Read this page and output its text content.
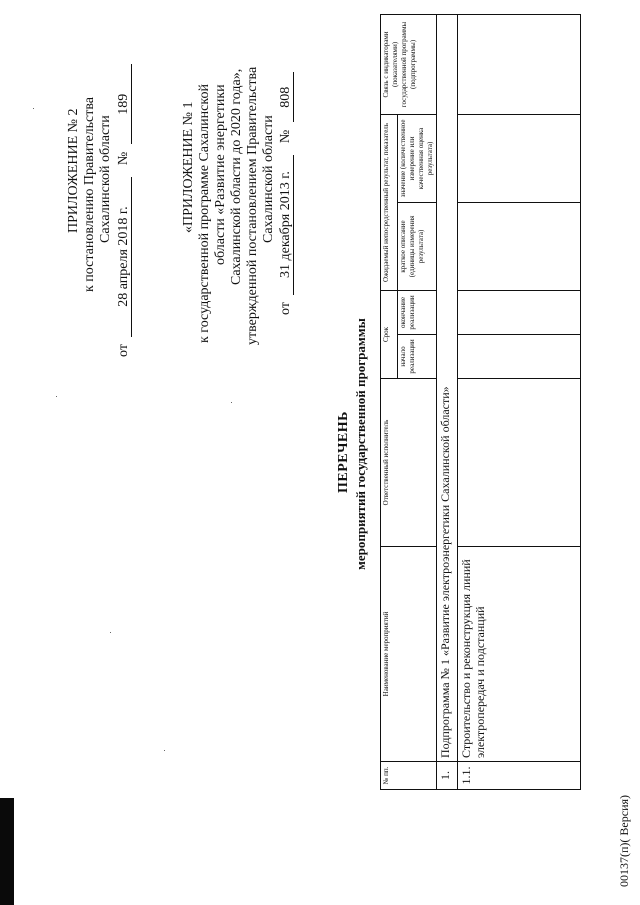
ПРИЛОЖЕНИЕ № 2 к постановлению Правительства Сахалинской области
от 28 апреля 2018 г. № 189	«ПРИЛОЖЕНИЕ № 1 к государственной программе Сахалинской области «Развитие энергетики Сахалинской области до 2020 года», утвержденной постановлением Правительства Сахалинской области
от 31 декабря 2013 г. № 808
ПЕРЕЧЕНЬ мероприятий государственной программы
№ пп.	Наименование мероприятий	Ответственный исполнитель	Срок		Ожидаемый непосредственный результат, показатель		Связь с индикаторами (показателями) государственной программы (подпрограммы)
			начало реализации	окончание реализации	краткое описание (единицы измерения результата)	значение (количественное измерение или качественная оценка результата)	
1.	Подпрограмма № 1 «Развитие электроэнергетики Сахалинской области»						
1.1.	Строительство и реконструкция линий электропередач и подстанций						
00137(п)( Версия)
